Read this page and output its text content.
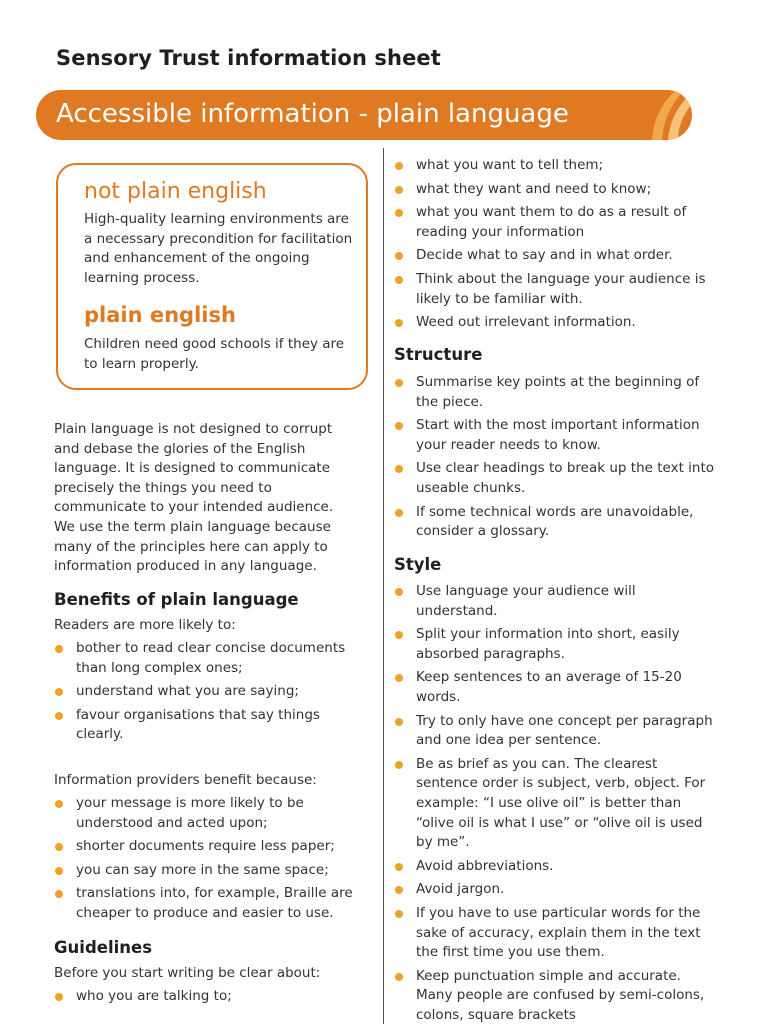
Sensory Trust information sheet
Accessible information - plain language
not plain english

High-quality learning environments are a necessary precondition for facilitation and enhancement of the ongoing learning process.

plain english

Children need good schools if they are to learn properly.

Plain language is not designed to corrupt and debase the glories of the English language. It is designed to communicate precisely the things you need to communicate to your intended audience. We use the term plain language because many of the principles here can apply to information produced in any language.

Benefits of plain language

Readers are more likely to:

bother to read clear concise documents than long complex ones;
understand what you are saying;
favour organisations that say things clearly.

Information providers benefit because:

your message is more likely to be understood and acted upon;
shorter documents require less paper;
you can say more in the same space;
translations into, for example, Braille are cheaper to produce and easier to use.
Guidelines

Before you start writing be clear about:

who you are talking to;
what you want to tell them;
what they want and need to know;
what you want them to do as a result of reading your information
Decide what to say and in what order.
Think about the language your audience is likely to be familiar with.
Weed out irrelevant information.
Structure
Summarise key points at the beginning of the piece.
Start with the most important information your reader needs to know.
Use clear headings to break up the text into useable chunks.
If some technical words are unavoidable, consider a glossary.
Style
Use language your audience will understand.
Split your information into short, easily absorbed paragraphs.
Keep sentences to an average of 15-20 words.
Try to only have one concept per paragraph and one idea per sentence.
Be as brief as you can. The clearest sentence order is subject, verb, object. For example: “I use olive oil” is better than “olive oil is what I use” or “olive oil is used by me”.
Avoid abbreviations.
Avoid jargon.
If you have to use particular words for the sake of accuracy, explain them in the text the first time you use them.
Keep punctuation simple and accurate. Many people are confused by semi-colons, colons, square brackets
